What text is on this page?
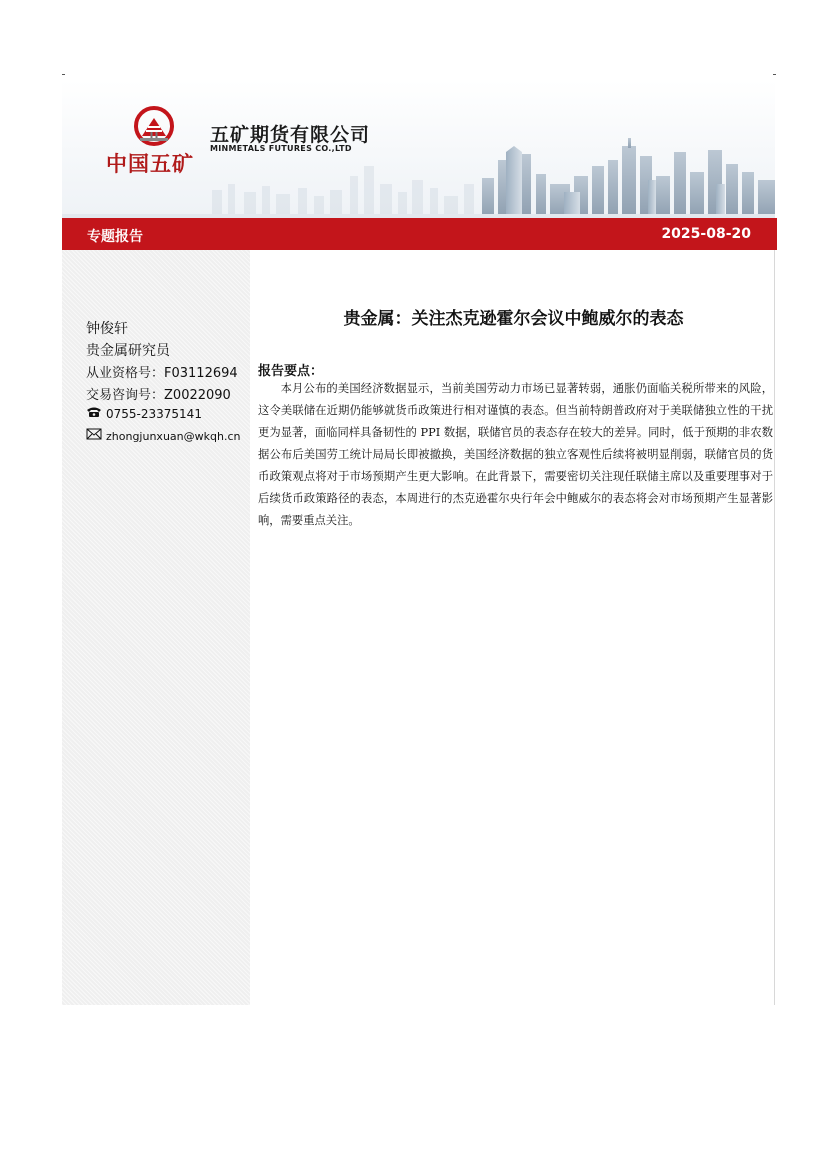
中国五矿
五矿期货有限公司
MINMETALS FUTURES CO.,LTD
专题报告	2025-08-20
钟俊轩
贵金属研究员
从业资格号：F03112694
交易咨询号：Z0022090
0755-23375141
zhongjunxuan@wkqh.cn
贵金属：关注杰克逊霍尔会议中鲍威尔的表态
报告要点：

本月公布的美国经济数据显示，当前美国劳动力市场已显著转弱，通胀仍面临关税所带来的风险，这令美联储在近期仍能够就货币政策进行相对谨慎的表态。但当前特朗普政府对于美联储独立性的干扰更为显著，面临同样具备韧性的 PPI 数据，联储官员的表态存在较大的差异。同时，低于预期的非农数据公布后美国劳工统计局局长即被撤换，美国经济数据的独立客观性后续将被明显削弱，联储官员的货币政策观点将对于市场预期产生更大影响。在此背景下，需要密切关注现任联储主席以及重要理事对于后续货币政策路径的表态，本周进行的杰克逊霍尔央行年会中鲍威尔的表态将会对市场预期产生显著影响，需要重点关注。
